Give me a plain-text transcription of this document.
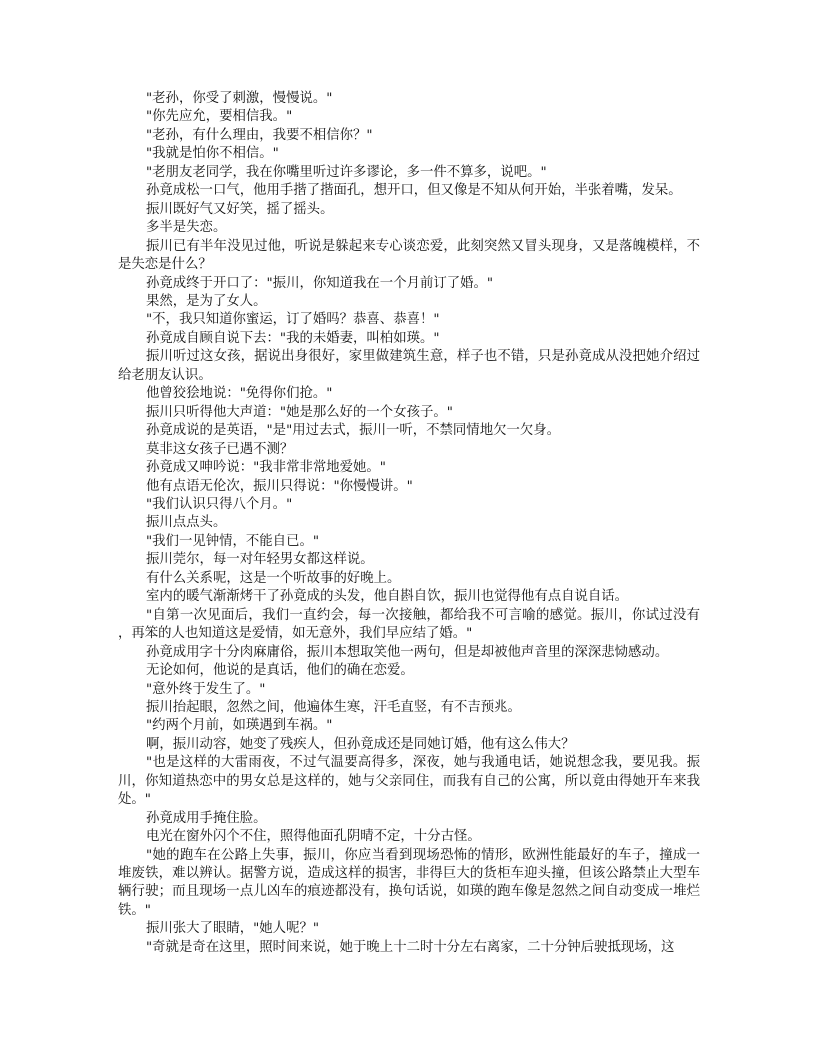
"老孙，你受了刺激，慢慢说。"

"你先应允，要相信我。"

"老孙，有什么理由，我要不相信你？"

"我就是怕你不相信。"

"老朋友老同学，我在你嘴里听过许多谬论，多一件不算多，说吧。"

孙竟成松一口气，他用手揩了揩面孔，想开口，但又像是不知从何开始，半张着嘴，发呆。

振川既好气又好笑，摇了摇头。

多半是失恋。

振川已有半年没见过他，听说是躲起来专心谈恋爱，此刻突然又冒头现身，又是落魄模样，不是失恋是什么？

孙竟成终于开口了："振川，你知道我在一个月前订了婚。"

果然，是为了女人。

"不，我只知道你蜜运，订了婚吗？恭喜、恭喜！"

孙竟成自顾自说下去："我的未婚妻，叫柏如瑛。"

振川听过这女孩，据说出身很好，家里做建筑生意，样子也不错，只是孙竟成从没把她介绍过给老朋友认识。

他曾狡狯地说："免得你们抢。"

振川只听得他大声道："她是那么好的一个女孩子。"

孙竟成说的是英语，"是"用过去式，振川一听，不禁同情地欠一欠身。

莫非这女孩子已遇不测？

孙竟成又呻吟说："我非常非常地爱她。"

他有点语无伦次，振川只得说："你慢慢讲。"

"我们认识只得八个月。"

振川点点头。

"我们一见钟情，不能自已。"

振川莞尔，每一对年轻男女都这样说。

有什么关系呢，这是一个听故事的好晚上。

室内的暖气渐渐烤干了孙竟成的头发，他自斟自饮，振川也觉得他有点自说自话。

"自第一次见面后，我们一直约会，每一次接触，都给我不可言喻的感觉。振川，你试过没有，再笨的人也知道这是爱情，如无意外，我们早应结了婚。"

孙竟成用字十分肉麻庸俗，振川本想取笑他一两句，但是却被他声音里的深深悲恸感动。

无论如何，他说的是真话，他们的确在恋爱。

"意外终于发生了。"

振川抬起眼，忽然之间，他遍体生寒，汗毛直竖，有不吉预兆。

"约两个月前，如瑛遇到车祸。"

啊，振川动容，她变了残疾人，但孙竟成还是同她订婚，他有这么伟大？

"也是这样的大雷雨夜，不过气温要高得多，深夜，她与我通电话，她说想念我，要见我。振川，你知道热恋中的男女总是这样的，她与父亲同住，而我有自己的公寓，所以竟由得她开车来我处。"

孙竟成用手掩住脸。

电光在窗外闪个不住，照得他面孔阴晴不定，十分古怪。

"她的跑车在公路上失事，振川，你应当看到现场恐怖的情形，欧洲性能最好的车子，撞成一堆废铁，难以辨认。据警方说，造成这样的损害，非得巨大的货柜车迎头撞，但该公路禁止大型车辆行驶；而且现场一点儿凶车的痕迹都没有，换句话说，如瑛的跑车像是忽然之间自动变成一堆烂铁。"

振川张大了眼睛，"她人呢？"

"奇就是奇在这里，照时间来说，她于晚上十二时十分左右离家，二十分钟后驶抵现场，这
